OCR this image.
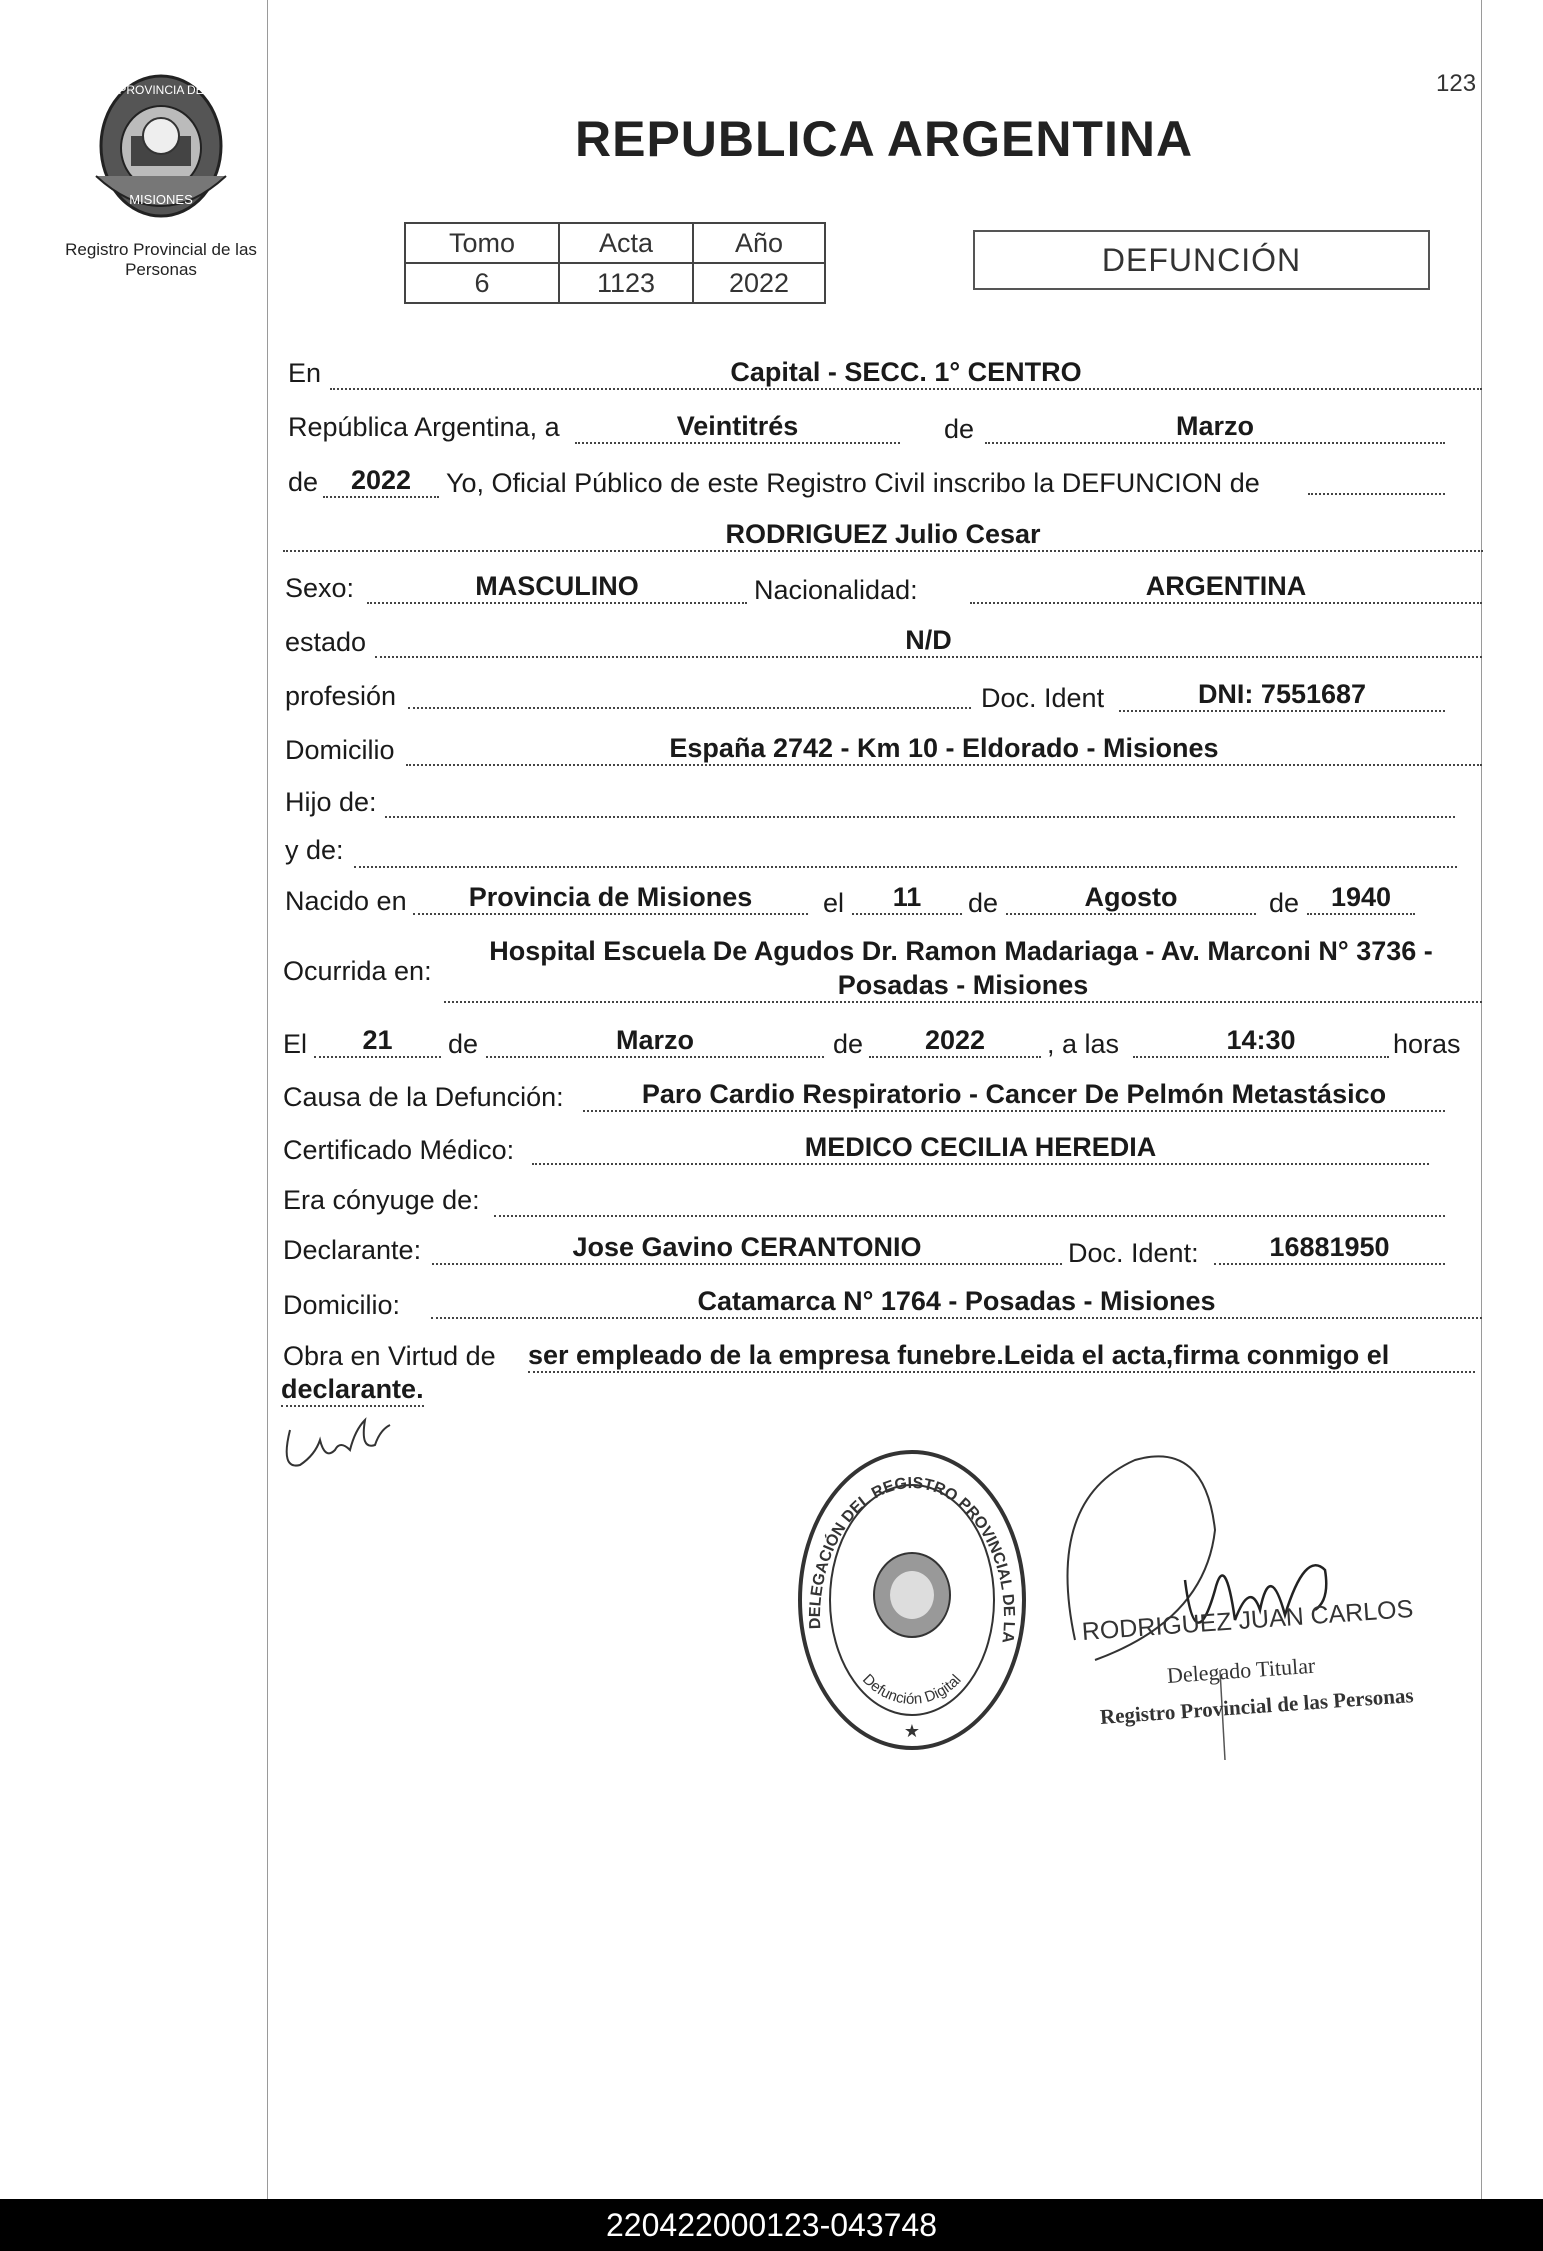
PROVINCIA DE
MISIONES
Registro Provincial de las Personas
123
REPUBLICA ARGENTINA
Tomo	Acta	Año
6	1123	2022
DEFUNCIÓN
En	Capital - SECC. 1° CENTRO
República Argentina, a	Veintitrés	de	Marzo
de	2022	Yo, Oficial Público de este Registro Civil inscribo la DEFUNCION de
RODRIGUEZ Julio Cesar
Sexo:	MASCULINO	Nacionalidad:	ARGENTINA
estado	N/D
profesión	Doc. Ident	DNI: 7551687
Domicilio	España 2742 - Km 10 - Eldorado - Misiones
Hijo de:
y de:
Nacido en	Provincia de Misiones	el	11	de	Agosto	de	1940
Ocurrida en:
Hospital Escuela De Agudos Dr. Ramon Madariaga - Av. Marconi N° 3736 -
Posadas - Misiones
El	21	de	Marzo	de	2022	, a las	14:30	horas
Causa de la Defunción:	Paro Cardio Respiratorio - Cancer De Pelmón Metastásico
Certificado Médico:	MEDICO CECILIA HEREDIA
Era cónyuge de:
Declarante:	Jose Gavino CERANTONIO	Doc. Ident:	16881950
Domicilio:	Catamarca N° 1764 - Posadas - Misiones
Obra en Virtud de ser empleado de la empresa funebre.Leida el acta,firma conmigo el
declarante.
DELEGACIÓN DEL REGISTRO PROVINCIAL DE LA
Defunción Digital
★
RODRIGUEZ JUAN CARLOS
Delegado Titular
Registro Provincial de las Personas
220422000123-043748
